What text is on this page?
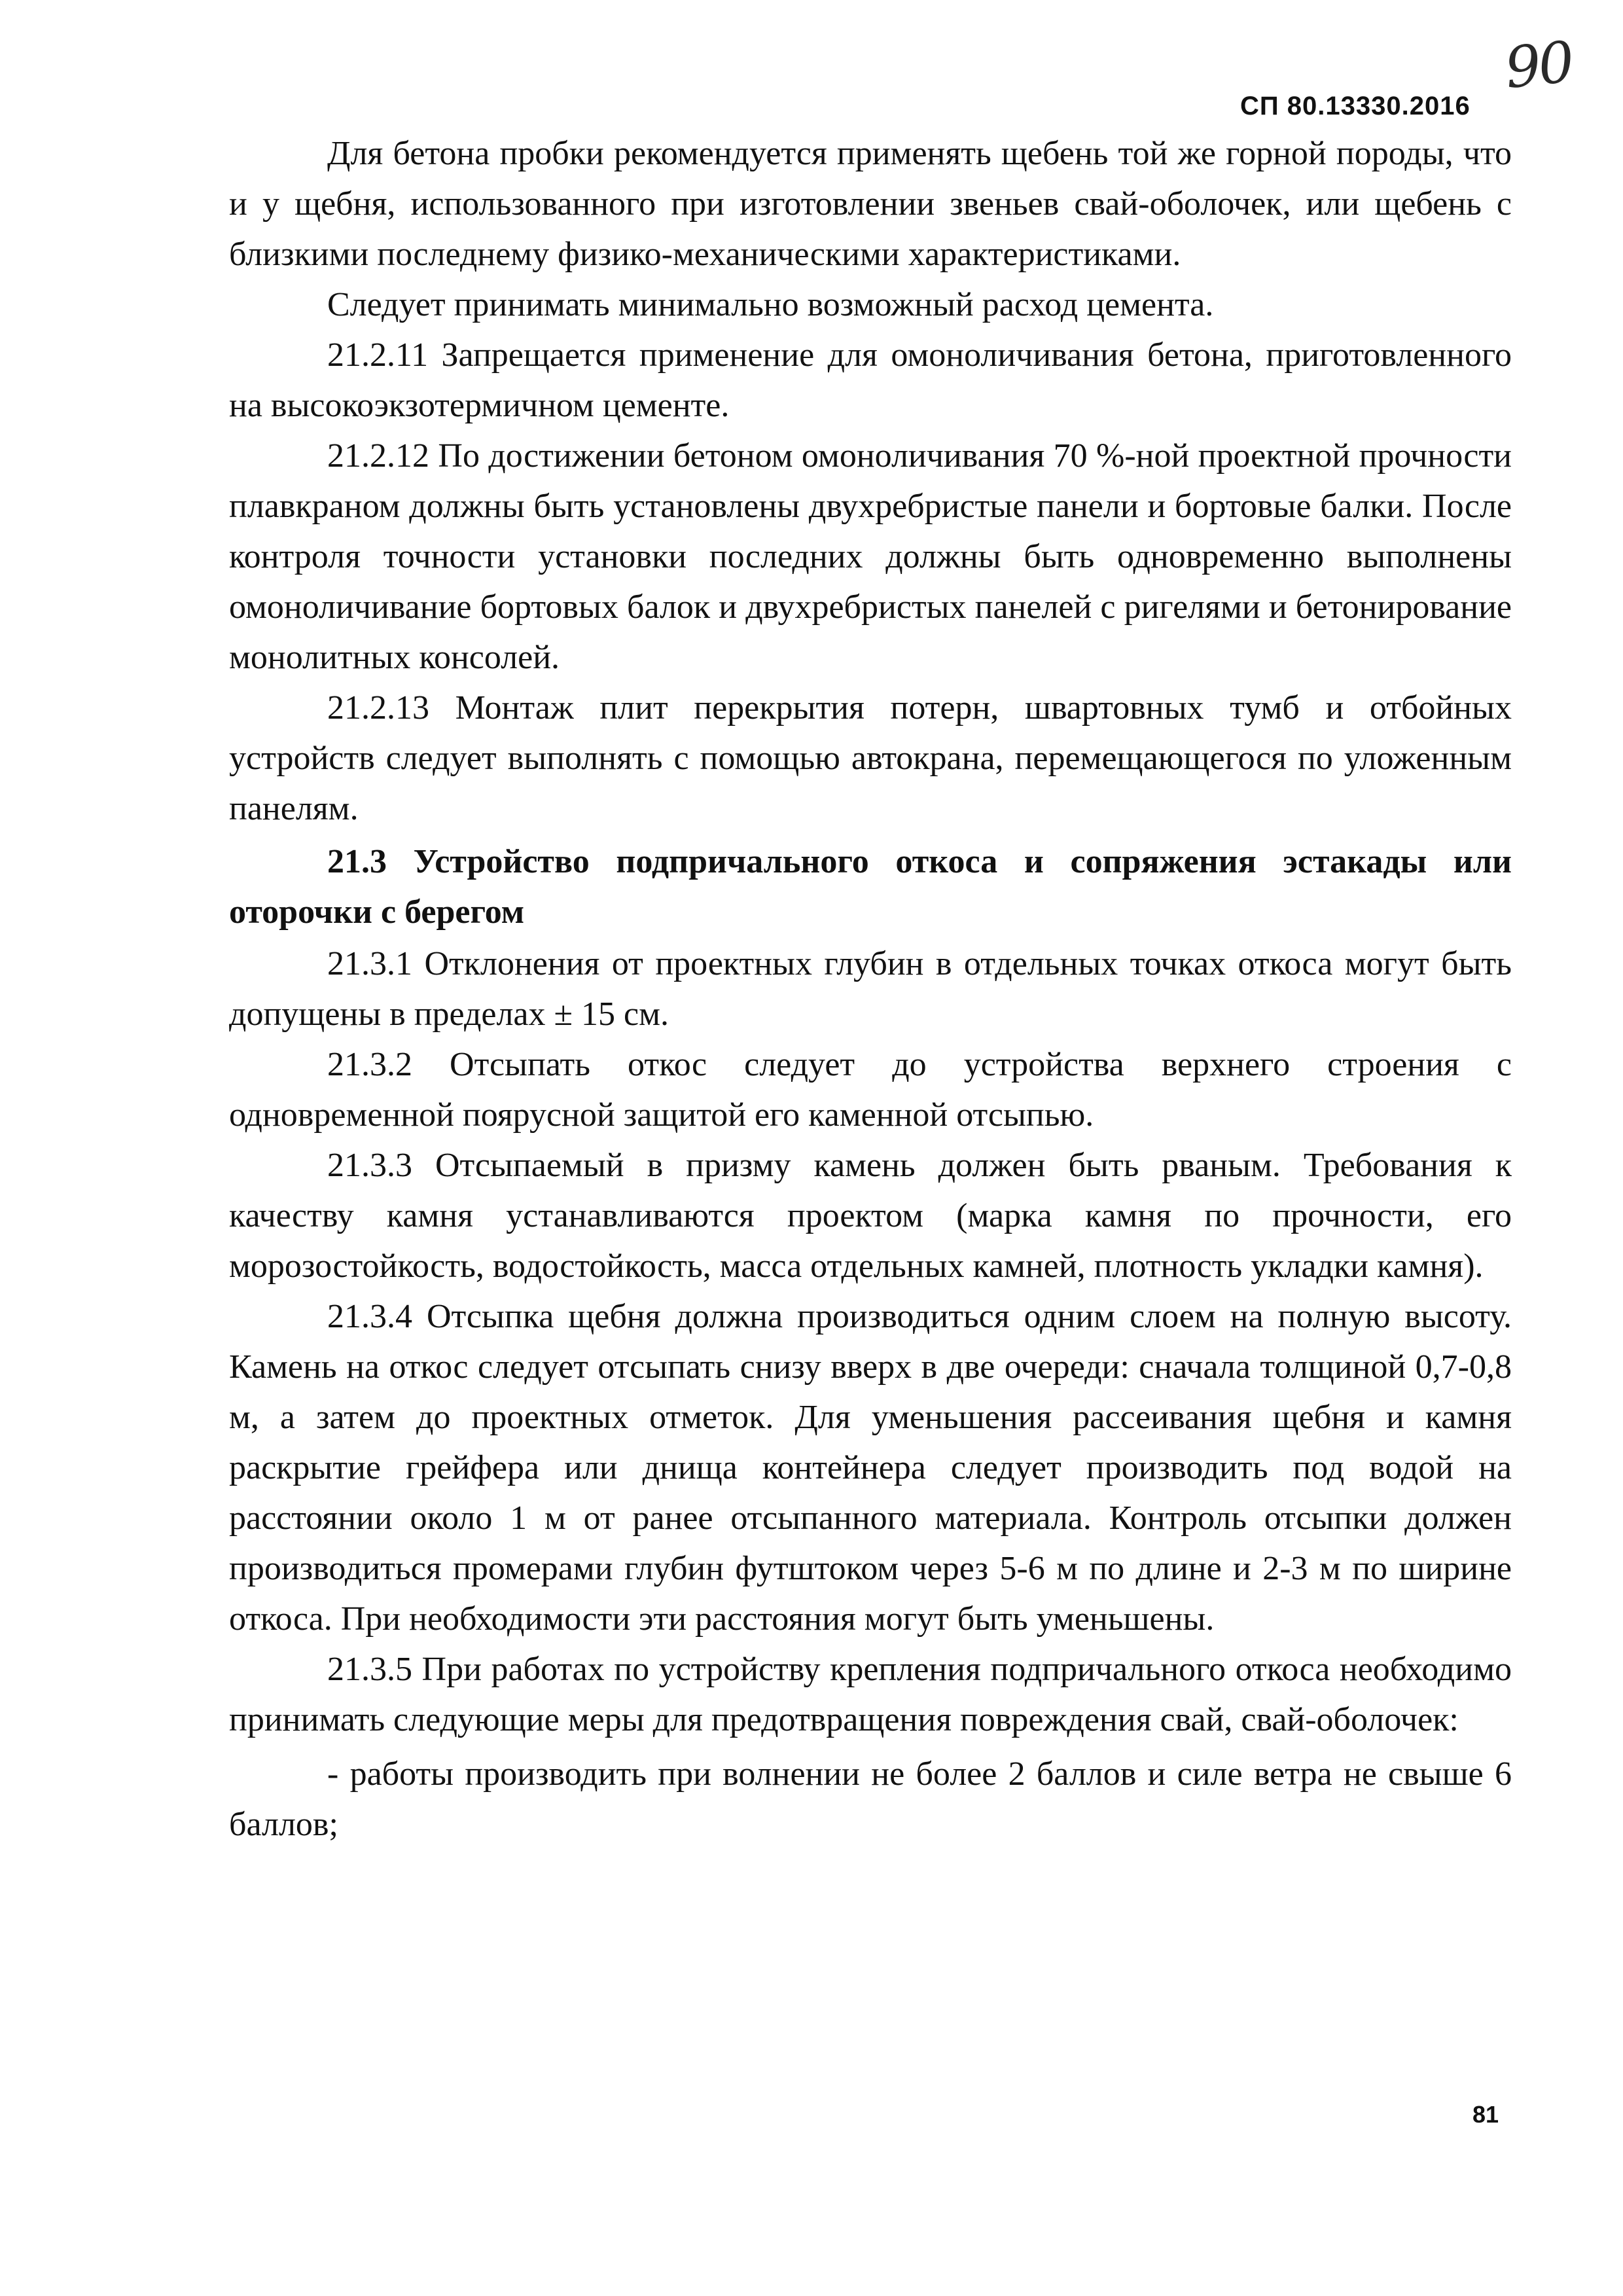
90
СП 80.13330.2016

Для бетона пробки рекомендуется применять щебень той же горной породы, что и у щебня, использованного при изготовлении звеньев свай-оболочек, или щебень с близкими последнему физико-механическими характеристиками.

Следует принимать минимально возможный расход цемента.

21.2.11 Запрещается применение для омоноличивания бетона, приготовленного на высокоэкзотермичном цементе.

21.2.12 По достижении бетоном омоноличивания 70 %-ной проектной прочности плавкраном должны быть установлены двухребристые панели и бортовые балки. После контроля точности установки последних должны быть одновременно выполнены омоноличивание бортовых балок и двухребристых панелей с ригелями и бетонирование монолитных консолей.

21.2.13 Монтаж плит перекрытия потерн, швартовных тумб и отбойных устройств следует выполнять с помощью автокрана, перемещающегося по уложенным панелям.

21.3 Устройство подпричального откоса и сопряжения эстакады или оторочки с берегом

21.3.1 Отклонения от проектных глубин в отдельных точках откоса могут быть допущены в пределах ± 15 см.

21.3.2 Отсыпать откос следует до устройства верхнего строения с одновременной поярусной защитой его каменной отсыпью.

21.3.3 Отсыпаемый в призму камень должен быть рваным. Требования к качеству камня устанавливаются проектом (марка камня по прочности, его морозостойкость, водостойкость, масса отдельных камней, плотность укладки камня).

21.3.4 Отсыпка щебня должна производиться одним слоем на полную высоту. Камень на откос следует отсыпать снизу вверх в две очереди: сначала толщиной 0,7-0,8 м, а затем до проектных отметок. Для уменьшения рассеивания щебня и камня раскрытие грейфера или днища контейнера следует производить под водой на расстоянии около 1 м от ранее отсыпанного материала. Контроль отсыпки должен производиться промерами глубин футштоком через 5-6 м по длине и 2-3 м по ширине откоса. При необходимости эти расстояния могут быть уменьшены.

21.3.5 При работах по устройству крепления подпричального откоса необходимо принимать следующие меры для предотвращения повреждения свай, свай-оболочек:

- работы производить при волнении не более 2 баллов и силе ветра не свыше 6 баллов;

81
